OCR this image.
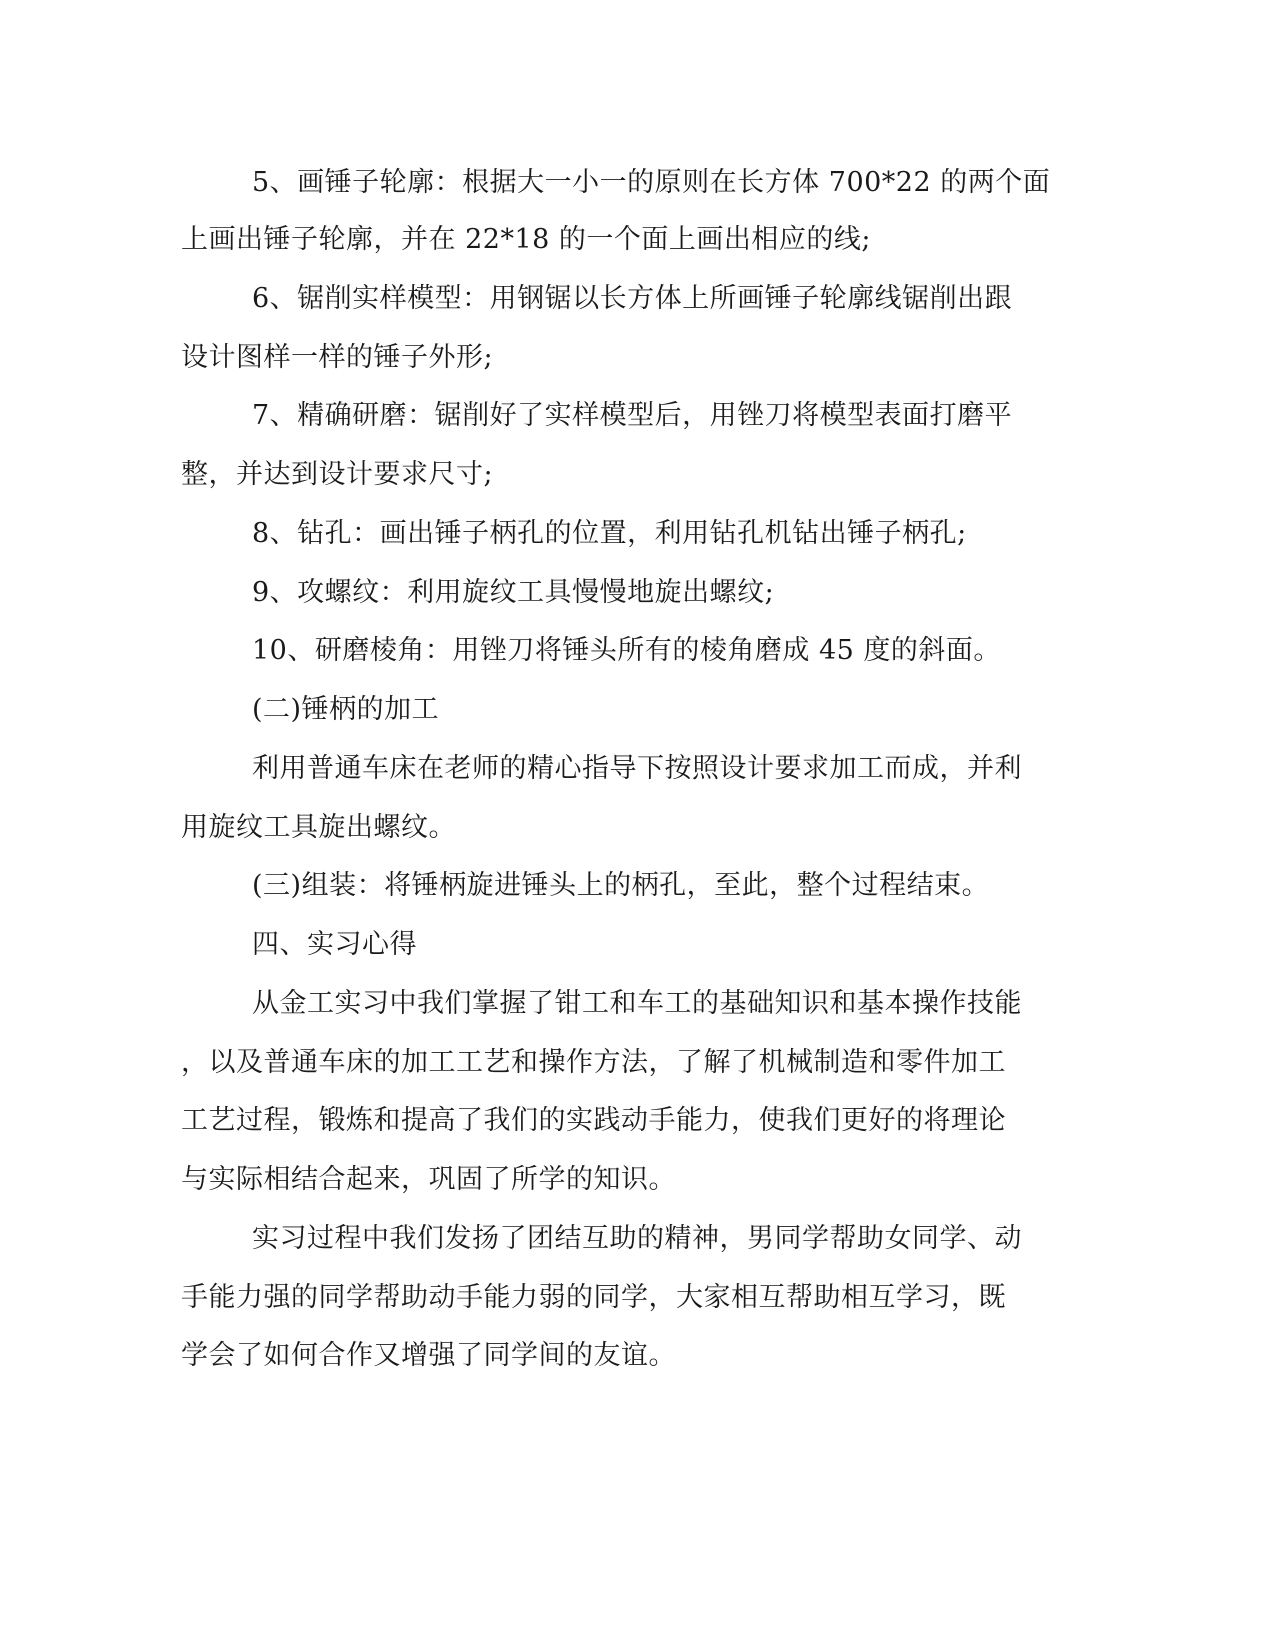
5、画锤子轮廓：根据大一小一的原则在长方体 700*22 的两个面
上画出锤子轮廓，并在 22*18 的一个面上画出相应的线;
6、锯削实样模型：用钢锯以长方体上所画锤子轮廓线锯削出跟
设计图样一样的锤子外形;
7、精确研磨：锯削好了实样模型后，用锉刀将模型表面打磨平
整，并达到设计要求尺寸;
8、钻孔：画出锤子柄孔的位置，利用钻孔机钻出锤子柄孔;
9、攻螺纹：利用旋纹工具慢慢地旋出螺纹;
10、研磨棱角：用锉刀将锤头所有的棱角磨成 45 度的斜面。
(二)锤柄的加工
利用普通车床在老师的精心指导下按照设计要求加工而成，并利
用旋纹工具旋出螺纹。
(三)组装：将锤柄旋进锤头上的柄孔，至此，整个过程结束。
四、实习心得
从金工实习中我们掌握了钳工和车工的基础知识和基本操作技能
，以及普通车床的加工工艺和操作方法，了解了机械制造和零件加工
工艺过程，锻炼和提高了我们的实践动手能力，使我们更好的将理论
与实际相结合起来，巩固了所学的知识。
实习过程中我们发扬了团结互助的精神，男同学帮助女同学、动
手能力强的同学帮助动手能力弱的同学，大家相互帮助相互学习，既
学会了如何合作又增强了同学间的友谊。
